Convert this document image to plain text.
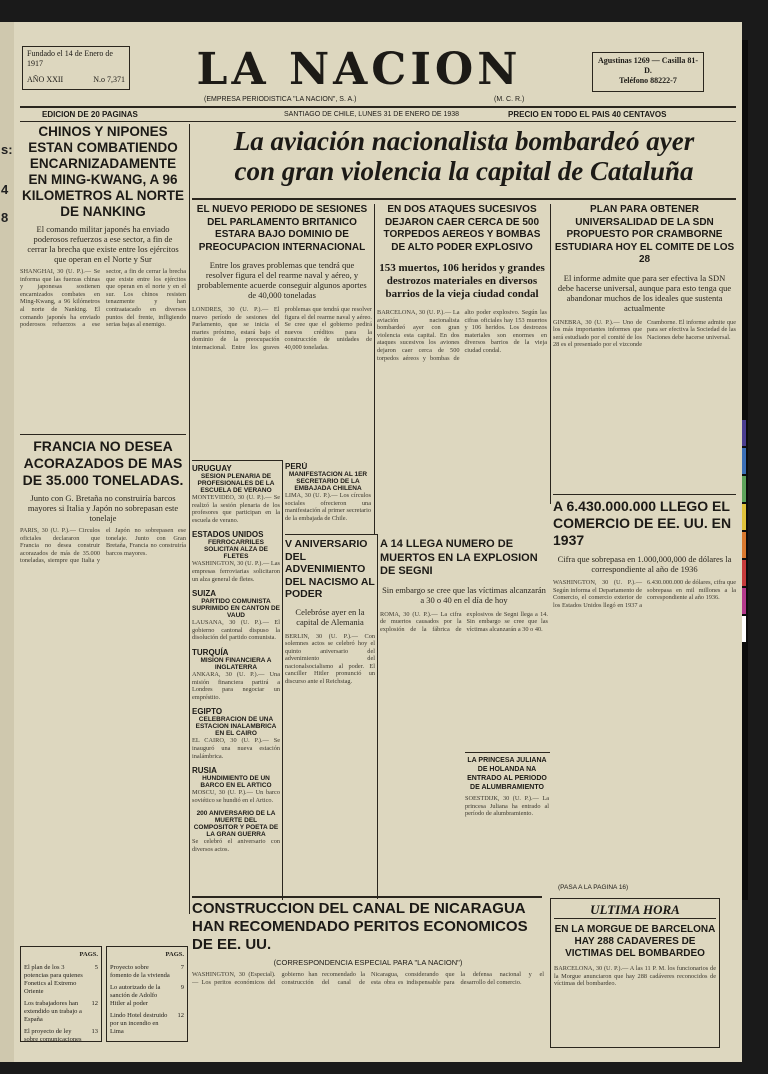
s:
4
8
Fundado el 14 de Enero de 1917
AÑO XXII	N.o 7,371	LA NACION
(EMPRESA PERIODISTICA "LA NACION", S. A.)	(M. C. R.)
Agustinas 1269 — Casilla 81-D.
Teléfono 88222-7
EDICION DE 20 PAGINAS	SANTIAGO DE CHILE, LUNES 31 DE ENERO DE 1938	PRECIO EN TODO EL PAIS 40 CENTAVOS
CHINOS Y NIPONES ESTAN COMBATIENDO ENCARNIZADAMENTE EN MING-KWANG, A 96 KILOMETROS AL NORTE DE NANKING
El comando militar japonés ha enviado poderosos refuerzos a ese sector, a fin de cerrar la brecha que existe entre los ejércitos que operan en el Norte y Sur
SHANGHAI, 30 (U. P.).— Se informa que las fuerzas chinas y japonesas sostienen encarnizados combates en Ming-Kwang, a 96 kilómetros al norte de Nanking. El comando japonés ha enviado poderosos refuerzos a ese sector, a fin de cerrar la brecha que existe entre los ejércitos que operan en el norte y en el sur. Los chinos resisten tenazmente y han contraatacado en diversos puntos del frente, infligiendo serias bajas al enemigo.
FRANCIA NO DESEA ACORAZADOS DE MAS DE 35.000 TONELADAS.
Junto con G. Bretaña no construiría barcos mayores si Italia y Japón no sobrepasan este tonelaje
PARIS, 30 (U. P.).— Circulos oficiales declararon que Francia no desea construir acorazados de más de 35.000 toneladas, siempre que Italia y el Japón no sobrepasen ese tonelaje. Junto con Gran Bretaña, Francia no construiría barcos mayores.
La aviación nacionalista bombardeó ayer
con gran violencia la capital de Cataluña
EL NUEVO PERIODO DE SESIONES DEL PARLAMENTO BRITANICO ESTARA BAJO DOMINIO DE PREOCUPACION INTERNACIONAL
Entre los graves problemas que tendrá que resolver figura el del rearme naval y aéreo, y probablemente acuerde conseguir algunos aportes de 40,000 toneladas
LONDRES, 30 (U. P.).— El nuevo período de sesiones del Parlamento, que se inicia el martes próximo, estará bajo el dominio de la preocupación internacional. Entre los graves problemas que tendrá que resolver figura el del rearme naval y aéreo. Se cree que el gobierno pedirá nuevos créditos para la construcción de unidades de 40,000 toneladas.
EN DOS ATAQUES SUCESIVOS DEJARON CAER CERCA DE 500 TORPEDOS AEREOS Y BOMBAS DE ALTO PODER EXPLOSIVO
153 muertos, 106 heridos y grandes destrozos materiales en diversos barrios de la vieja ciudad condal
BARCELONA, 30 (U. P.).— La aviación nacionalista bombardeó ayer con gran violencia esta capital. En dos ataques sucesivos los aviones dejaron caer cerca de 500 torpedos aéreos y bombas de alto poder explosivo. Según las cifras oficiales hay 153 muertos y 106 heridos. Los destrozos materiales son enormes en diversos barrios de la vieja ciudad condal.
PLAN PARA OBTENER UNIVERSALIDAD DE LA SDN PROPUESTO POR CRAMBORNE ESTUDIARA HOY EL COMITE DE LOS 28
El informe admite que para ser efectiva la SDN debe hacerse universal, aunque para esto tenga que abandonar muchos de los ideales que sustenta actualmente
GINEBRA, 30 (U. P.).— Uno de los más importantes informes que será estudiado por el comité de los 28 es el presentado por el vizconde Cramborne. El informe admite que para ser efectiva la Sociedad de las Naciones debe hacerse universal.
A 6.430.000.000 LLEGO EL COMERCIO DE EE. UU. EN 1937
Cifra que sobrepasa en 1.000,000,000 de dólares la correspondiente al año de 1936
WASHINGTON, 30 (U. P.).— Según informa el Departamento de Comercio, el comercio exterior de los Estados Unidos llegó en 1937 a 6.430.000.000 de dólares, cifra que sobrepasa en mil millones a la correspondiente al año 1936.
URUGUAY
SESION PLENARIA DE PROFESIONALES DE LA ESCUELA DE VERANO
MONTEVIDEO, 30 (U. P.).— Se realizó la sesión plenaria de los profesores que participan en la escuela de verano.
ESTADOS UNIDOS
FERROCARRILES SOLICITAN ALZA DE FLETES
WASHINGTON, 30 (U. P.).— Las empresas ferroviarias solicitaron un alza general de fletes.
SUIZA
PARTIDO COMUNISTA SUPRIMIDO EN CANTON DE VAUD
LAUSANA, 30 (U. P.).— El gobierno cantonal dispuso la disolución del partido comunista.
TURQUÍA
MISION FINANCIERA A INGLATERRA
ANKARA, 30 (U. P.).— Una misión financiera partirá a Londres para negociar un empréstito.
EGIPTO
CELEBRACION DE UNA ESTACION INALAMBRICA EN EL CAIRO
EL CAIRO, 30 (U. P.).— Se inauguró una nueva estación inalámbrica.
RUSIA
HUNDIMIENTO DE UN BARCO EN EL ARTICO
MOSCU, 30 (U. P.).— Un barco soviético se hundió en el Artico.
200 ANIVERSARIO DE LA MUERTE DEL COMPOSITOR Y POETA DE LA GRAN GUERRA
Se celebró el aniversario con diversos actos.
PERÚ
MANIFESTACION AL 1ER SECRETARIO DE LA EMBAJADA CHILENA
LIMA, 30 (U. P.).— Los círculos sociales ofrecieron una manifestación al primer secretario de la embajada de Chile.
V ANIVERSARIO DEL ADVENIMIENTO DEL NACISMO AL PODER
Celebróse ayer en la capital de Alemania
BERLIN, 30 (U. P.).— Con solemnes actos se celebró hoy el quinto aniversario del advenimiento del nacionalsocialismo al poder. El canciller Hitler pronunció un discurso ante el Reichstag.
A 14 LLEGA NUMERO DE MUERTOS EN LA EXPLOSION DE SEGNI
Sin embargo se cree que las víctimas alcanzarán a 30 o 40 en el día de hoy
ROMA, 30 (U. P.).— La cifra de muertos causados por la explosión de la fábrica de explosivos de Segni llega a 14. Sin embargo se cree que las víctimas alcanzarán a 30 o 40.
LA PRINCESA JULIANA DE HOLANDA NA ENTRADO AL PERIODO DE ALUMBRAMIENTO
SOESTDIJK, 30 (U. P.).— La princesa Juliana ha entrado al período de alumbramiento.
(PASA A LA PAGINA 16)
CONSTRUCCION DEL CANAL DE NICARAGUA HAN RECOMENDADO PERITOS ECONOMICOS DE EE. UU.
(CORRESPONDENCIA ESPECIAL PARA "LA NACION")
WASHINGTON, 30 (Especial).— Los peritos económicos del gobierno han recomendado la construcción del canal de Nicaragua, considerando que esta obra es indispensable para la defensa nacional y el desarrollo del comercio.
ULTIMA HORA
EN LA MORGUE DE BARCELONA HAY 288 CADAVERES DE VICTIMAS DEL BOMBARDEO
BARCELONA, 30 (U. P.).— A las 11 P. M. los funcionarios de la Morgue anunciaron que hay 288 cadáveres reconocidos de víctimas del bombardeo.
PAGS.
El plan de los 3 potencias para quienes Fonetics al Extremo Oriente
5
Los trabajadores han extendido un trabajo a España
12
El proyecto de ley sobre comunicaciones
13
PAGS.
Proyecto sobre fomento de la vivienda
7
Lo autorizado de la sanción de Adolfo Hitler al poder
9
Lindo Hotel destruido por un incendio en Lima
12
